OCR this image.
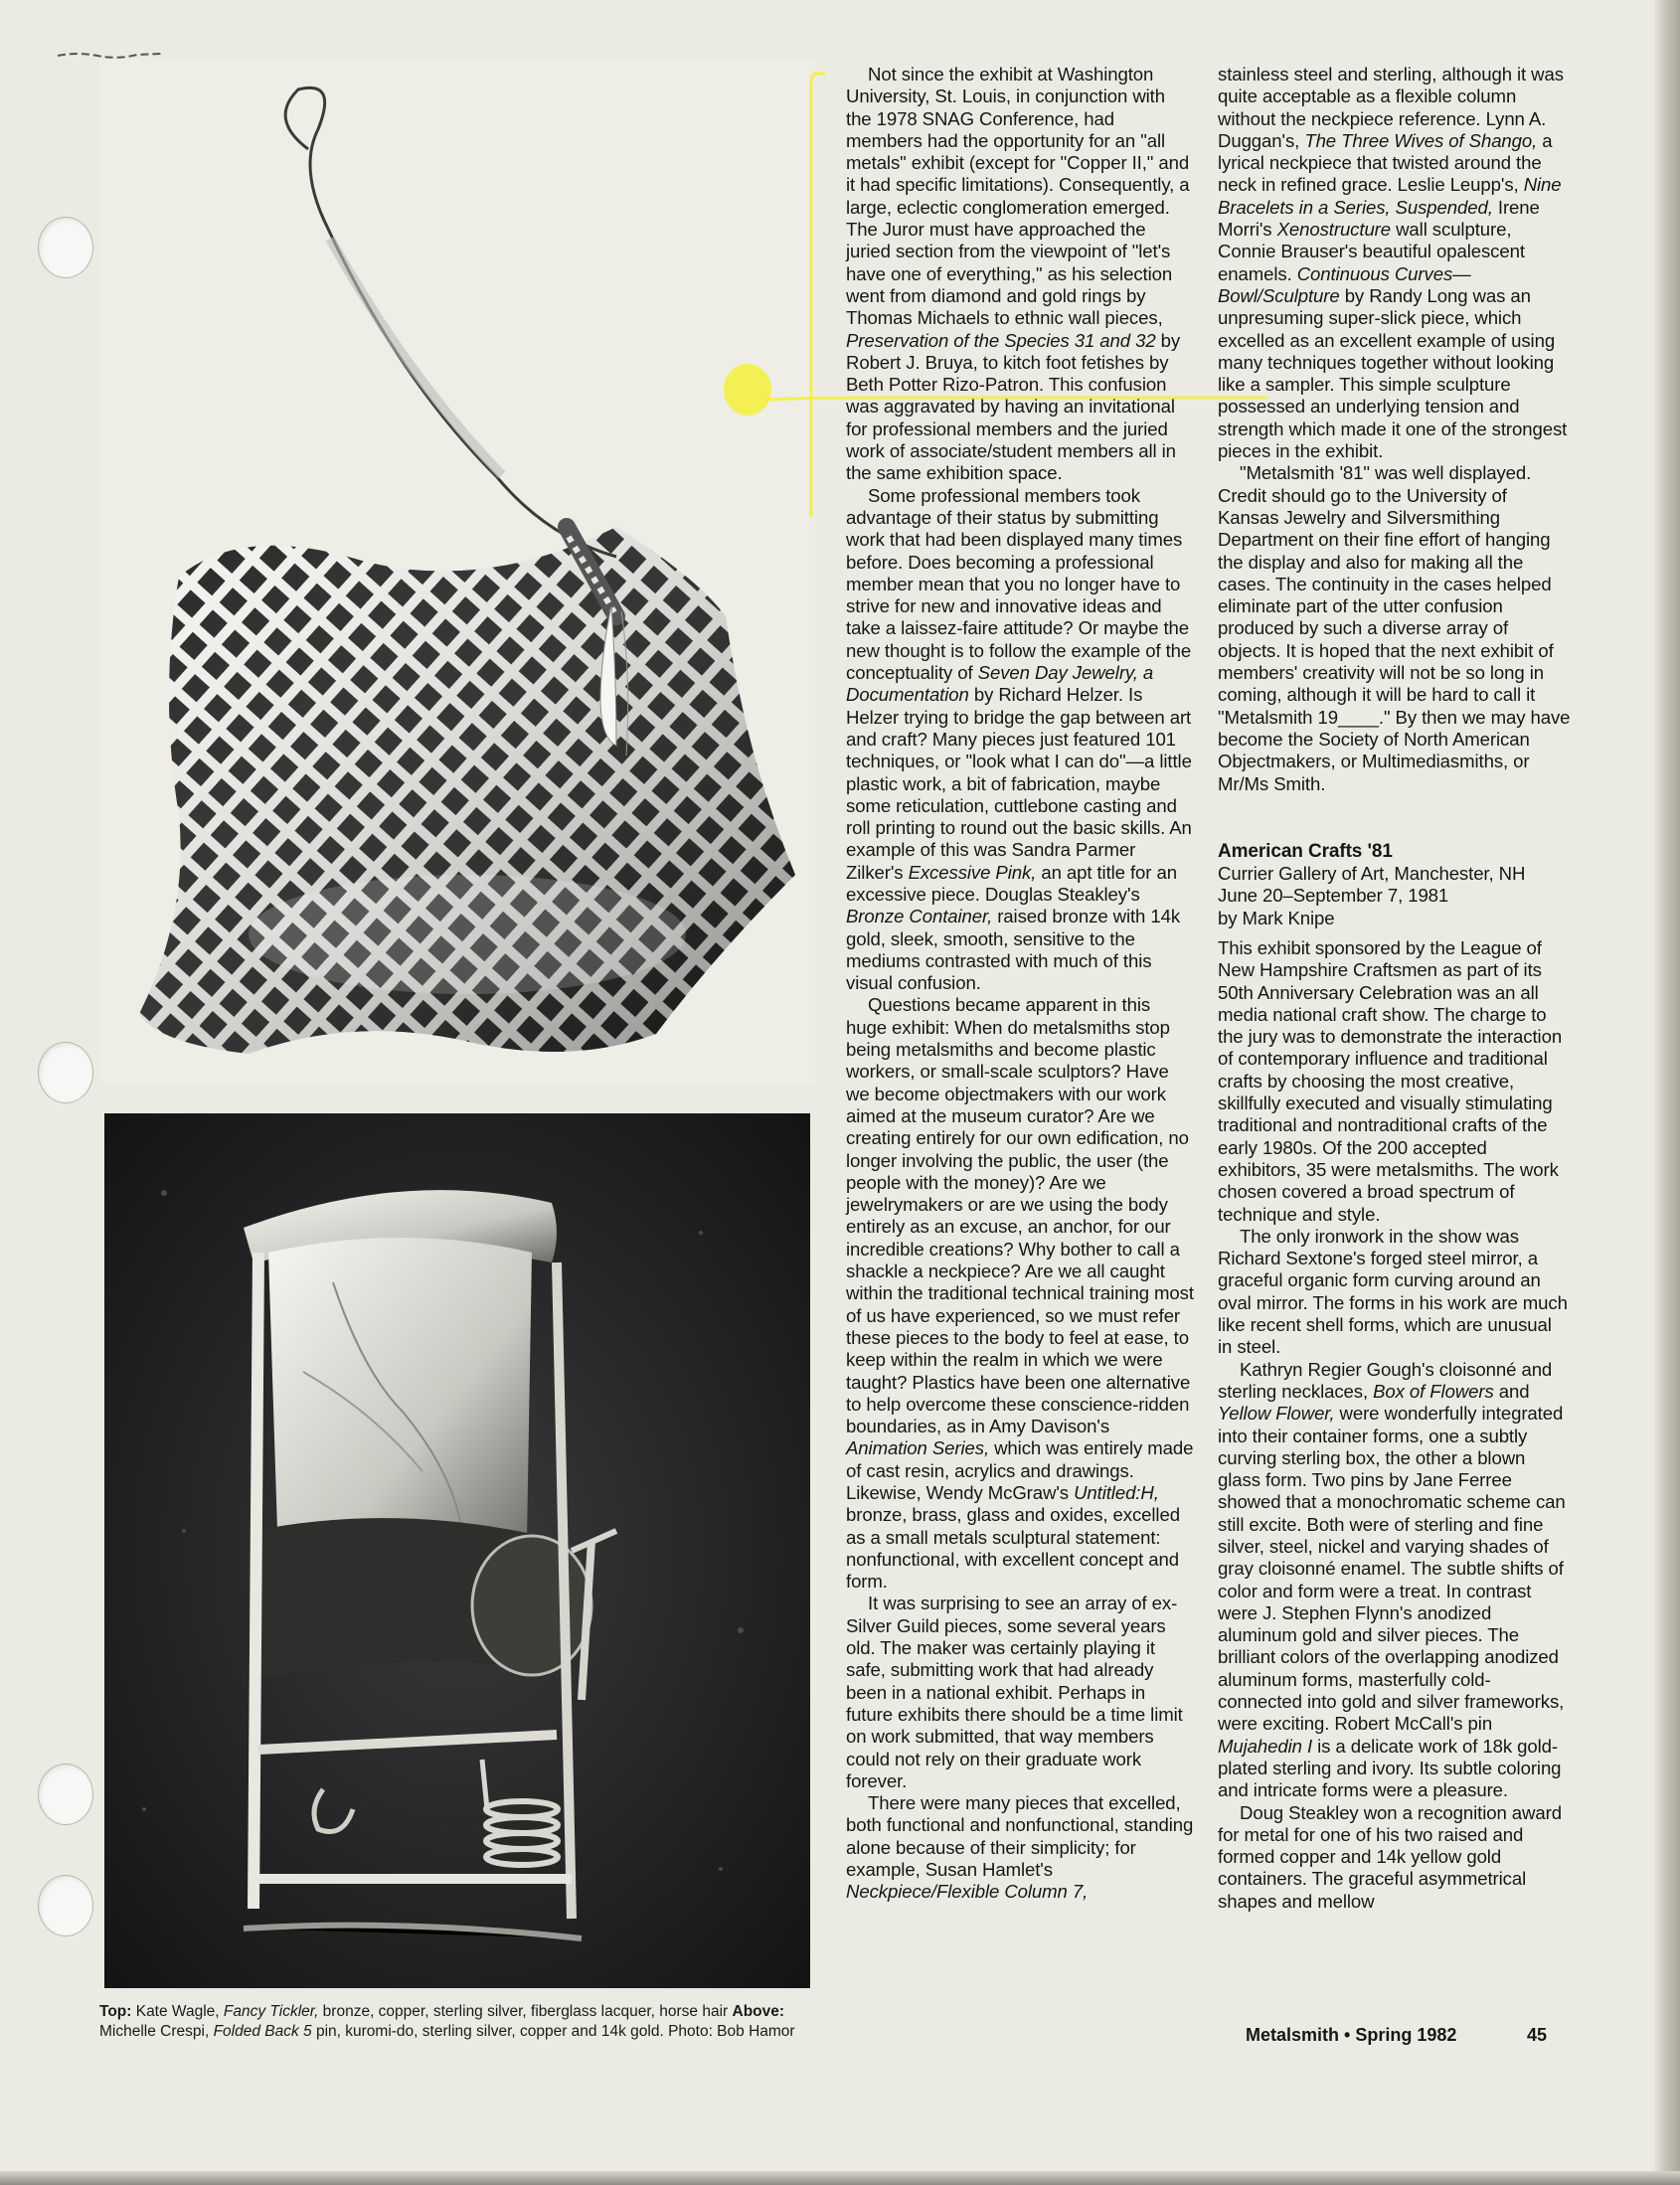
Top: Kate Wagle, Fancy Tickler, bronze, copper, sterling silver, fiberglass lacquer, horse hair Above: Michelle Crespi, Folded Back 5 pin, kuromi-do, sterling silver, copper and 14k gold. Photo: Bob Hamor

Not since the exhibit at Washington University, St. Louis, in conjunction with the 1978 SNAG Conference, had members had the opportunity for an "all metals" exhibit (except for "Copper II," and it had specific limitations). Consequently, a large, eclectic conglomeration emerged. The Juror must have approached the juried section from the viewpoint of "let's have one of everything," as his selection went from diamond and gold rings by Thomas Michaels to ethnic wall pieces, Preservation of the Species 31 and 32 by Robert J. Bruya, to kitch foot fetishes by Beth Potter Rizo-Patron. This confusion was aggravated by having an invitational for professional members and the juried work of associate/student members all in the same exhibition space.

Some professional members took advantage of their status by submitting work that had been displayed many times before. Does becoming a professional member mean that you no longer have to strive for new and innovative ideas and take a laissez-faire attitude? Or maybe the new thought is to follow the example of the conceptuality of Seven Day Jewelry, a Documentation by Richard Helzer. Is Helzer trying to bridge the gap between art and craft? Many pieces just featured 101 techniques, or "look what I can do"—a little plastic work, a bit of fabrication, maybe some reticulation, cuttlebone casting and roll printing to round out the basic skills. An example of this was Sandra Parmer Zilker's Excessive Pink, an apt title for an excessive piece. Douglas Steakley's Bronze Container, raised bronze with 14k gold, sleek, smooth, sensitive to the mediums contrasted with much of this visual confusion.

Questions became apparent in this huge exhibit: When do metalsmiths stop being metalsmiths and become plastic workers, or small-scale sculptors? Have we become objectmakers with our work aimed at the museum curator? Are we creating entirely for our own edification, no longer involving the public, the user (the people with the money)? Are we jewelrymakers or are we using the body entirely as an excuse, an anchor, for our incredible creations? Why bother to call a shackle a neckpiece? Are we all caught within the traditional technical training most of us have experienced, so we must refer these pieces to the body to feel at ease, to keep within the realm in which we were taught? Plastics have been one alternative to help overcome these conscience-ridden boundaries, as in Amy Davison's Animation Series, which was entirely made of cast resin, acrylics and drawings. Likewise, Wendy McGraw's Untitled:H, bronze, brass, glass and oxides, excelled as a small metals sculptural statement: nonfunctional, with excellent concept and form.

It was surprising to see an array of ex-Silver Guild pieces, some several years old. The maker was certainly playing it safe, submitting work that had already been in a national exhibit. Perhaps in future exhibits there should be a time limit on work submitted, that way members could not rely on their graduate work forever.

There were many pieces that excelled, both functional and nonfunctional, standing alone because of their simplicity; for example, Susan Hamlet's Neckpiece/Flexible Column 7,

stainless steel and sterling, although it was quite acceptable as a flexible column without the neckpiece reference. Lynn A. Duggan's, The Three Wives of Shango, a lyrical neckpiece that twisted around the neck in refined grace. Leslie Leupp's, Nine Bracelets in a Series, Suspended, Irene Morri's Xenostructure wall sculpture, Connie Brauser's beautiful opalescent enamels. Continuous Curves—Bowl/Sculpture by Randy Long was an unpresuming super-slick piece, which excelled as an excellent example of using many techniques together without looking like a sampler. This simple sculpture possessed an underlying tension and strength which made it one of the strongest pieces in the exhibit.

"Metalsmith '81" was well displayed. Credit should go to the University of Kansas Jewelry and Silversmithing Department on their fine effort of hanging the display and also for making all the cases. The continuity in the cases helped eliminate part of the utter confusion produced by such a diverse array of objects. It is hoped that the next exhibit of members' creativity will not be so long in coming, although it will be hard to call it "Metalsmith 19____." By then we may have become the Society of North American Objectmakers, or Multimediasmiths, or Mr/Ms Smith.

American Crafts '81
Currier Gallery of Art, Manchester, NH
June 20–September 7, 1981
by Mark Knipe

This exhibit sponsored by the League of New Hampshire Craftsmen as part of its 50th Anniversary Celebration was an all media national craft show. The charge to the jury was to demonstrate the interaction of contemporary influence and traditional crafts by choosing the most creative, skillfully executed and visually stimulating traditional and nontraditional crafts of the early 1980s. Of the 200 accepted exhibitors, 35 were metalsmiths. The work chosen covered a broad spectrum of technique and style.

The only ironwork in the show was Richard Sextone's forged steel mirror, a graceful organic form curving around an oval mirror. The forms in his work are much like recent shell forms, which are unusual in steel.

Kathryn Regier Gough's cloisonné and sterling necklaces, Box of Flowers and Yellow Flower, were wonderfully integrated into their container forms, one a subtly curving sterling box, the other a blown glass form. Two pins by Jane Ferree showed that a monochromatic scheme can still excite. Both were of sterling and fine silver, steel, nickel and varying shades of gray cloisonné enamel. The subtle shifts of color and form were a treat. In contrast were J. Stephen Flynn's anodized aluminum gold and silver pieces. The brilliant colors of the overlapping anodized aluminum forms, masterfully cold-connected into gold and silver frameworks, were exciting. Robert McCall's pin Mujahedin I is a delicate work of 18k gold-plated sterling and ivory. Its subtle coloring and intricate forms were a pleasure.

Doug Steakley won a recognition award for metal for one of his two raised and formed copper and 14k yellow gold containers. The graceful asymmetrical shapes and mellow

Metalsmith • Spring 1982	45
